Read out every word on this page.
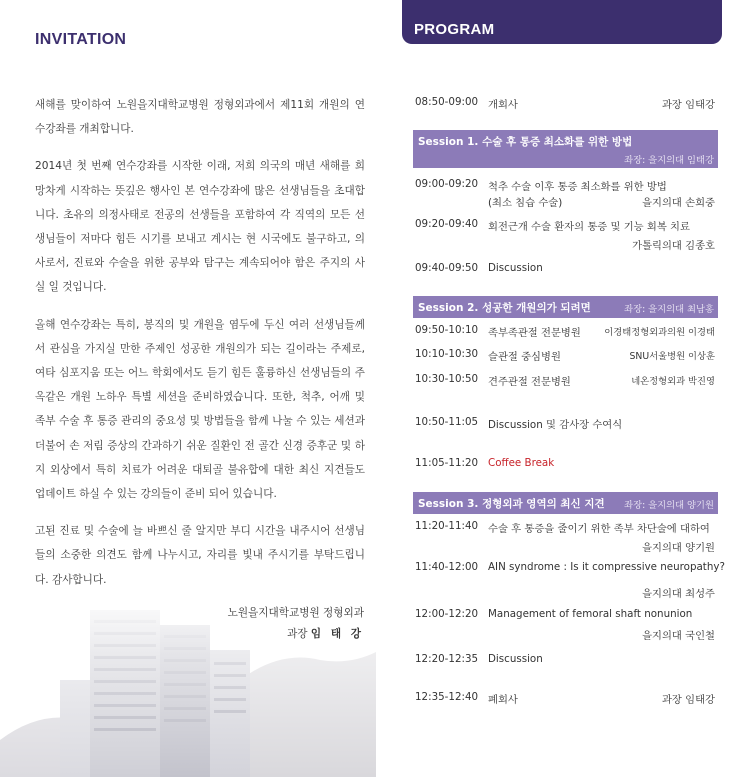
INVITATION

새해를 맞이하여 노원을지대학교병원 정형외과에서 제11회 개원의 연수강좌를 개최합니다.

2014년 첫 번째 연수강좌를 시작한 이래, 저희 의국의 매년 새해를 희망차게 시작하는 뜻깊은 행사인 본 연수강좌에 많은 선생님들을 초대합니다. 초유의 의정사태로 전공의 선생들을 포함하여 각 직역의 모든 선생님들이 저마다 힘든 시기를 보내고 계시는 현 시국에도 불구하고, 의사로서, 진료와 수술을 위한 공부와 탐구는 계속되어야 함은 주지의 사실 일 것입니다.

올해 연수강좌는 특히, 봉직의 및 개원을 염두에 두신 여러 선생님들께서 관심을 가지실 만한 주제인 성공한 개원의가 되는 길이라는 주제로, 여타 심포지움 또는 어느 학회에서도 듣기 힘든 훌륭하신 선생님들의 주옥같은 개원 노하우 특별 세션을 준비하였습니다. 또한, 척추, 어깨 및 족부 수술 후 통증 관리의 중요성 및 방법들을 함께 나눌 수 있는 세션과 더불어 손 저림 증상의 간과하기 쉬운 질환인 전 골간 신경 증후군 및 하지 외상에서 특히 치료가 어려운 대퇴골 불유합에 대한 최신 지견들도 업데이트 하실 수 있는 강의들이 준비 되어 있습니다.

고된 진료 및 수술에 늘 바쁘신 줄 알지만 부디 시간을 내주시어 선생님들의 소중한 의견도 함께 나누시고, 자리를 빛내 주시기를 부탁드립니다. 감사합니다.

노원을지대학교병원 정형외과
과장 임 태 강
PROGRAM
08:50-09:00 개회사	과장 임태강
Session 1. 수술 후 통증 최소화를 위한 방법
좌장: 을지의대 임태강
09:00-09:20 척추 수술 이후 통증 최소화를 위한 방법
(최소 침습 수술)	을지의대 손희중
09:20-09:40 회전근개 수술 환자의 통증 및 기능 회복 치료
가톨릭의대 김종호
09:40-09:50 Discussion
Session 2. 성공한 개원의가 되려면	좌장: 을지의대 최남홍
09:50-10:10 족부족관절 전문병원	이경태정형외과의원 이경태
10:10-10:30 슬관절 중심병원	SNU서울병원 이상훈
10:30-10:50 견주관절 전문병원	네온정형외과 박진영
10:50-11:05 Discussion 및 감사장 수여식
11:05-11:20 Coffee Break
Session 3. 정형외과 영역의 최신 지견 좌장: 을지의대 양기원
11:20-11:40 수술 후 통증을 줄이기 위한 족부 차단술에 대하여
을지의대 양기원
11:40-12:00 AIN syndrome : Is it compressive neuropathy?
을지의대 최성주
12:00-12:20 Management of femoral shaft nonunion
을지의대 국인철
12:20-12:35 Discussion
12:35-12:40 폐회사	과장 임태강
